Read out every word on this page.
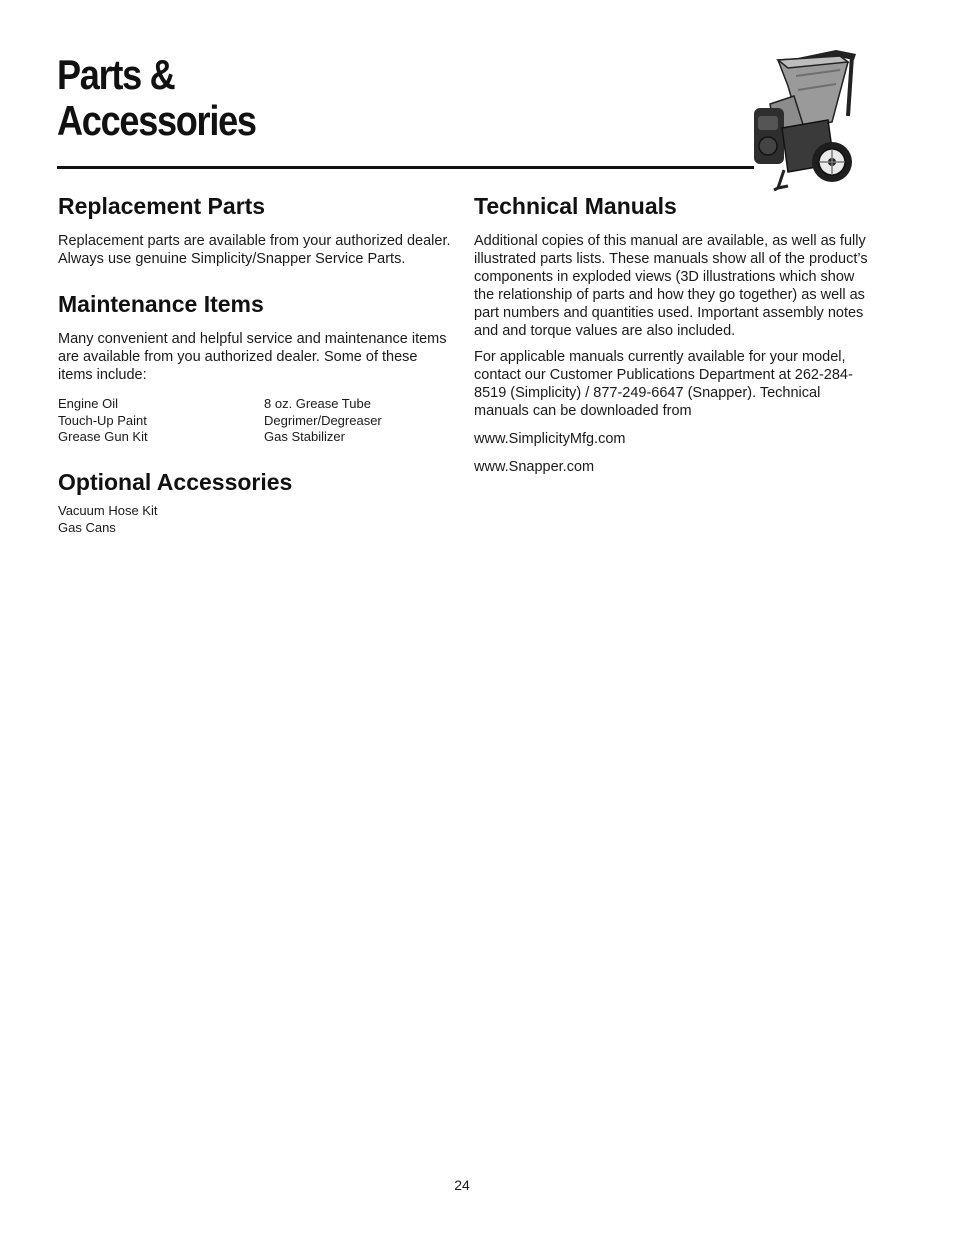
Parts &
Accessories
Replacement Parts

Replacement parts are available from your authorized dealer. Always use genuine Simplicity/Snapper Service Parts.

Maintenance Items

Many convenient and helpful service and maintenance items are available from you authorized dealer. Some of these items include:

Engine Oil	8 oz. Grease Tube
Touch-Up Paint	Degrimer/Degreaser
Grease Gun Kit	Gas Stabilizer
Optional Accessories
Vacuum Hose Kit
Gas Cans
Technical Manuals

Additional copies of this manual are available, as well as fully illustrated parts lists. These manuals show all of the product’s components in exploded views (3D illustrations which show the relationship of parts and how they go together) as well as part numbers and quantities used. Important assembly notes and and torque values are also included.

For applicable manuals currently available for your model, contact our Customer Publications Department at 262-284-8519 (Simplicity) / 877-249-6647 (Snapper). Technical manuals can be downloaded from

www.SimplicityMfg.com

www.Snapper.com

24
